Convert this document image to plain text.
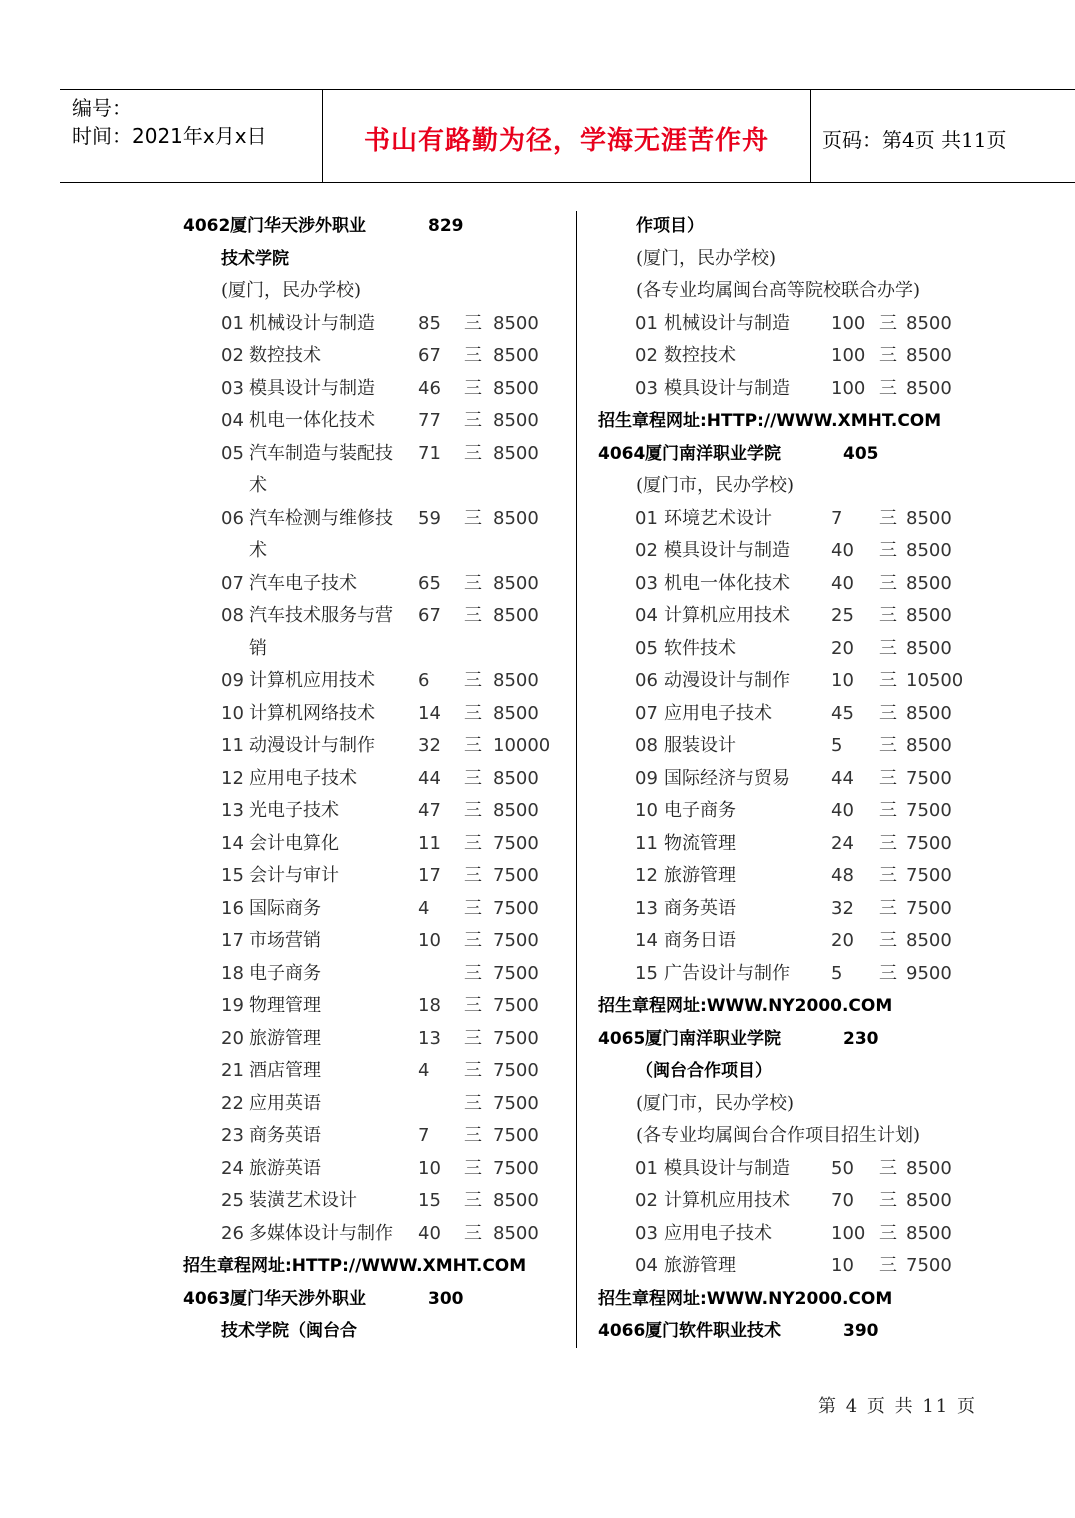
编号：
时间：2021年x月x日	书山有路勤为径，学海无涯苦作舟	页码：第4页 共11页
4062 厦门华天涉外职业	829
技术学院
(厦门，民办学校)
01 机械设计与制造 85 三 8500
02 数控技术	67 三 8500
03 模具设计与制造 46 三 8500
04 机电一体化技术 77 三 8500
05 汽车制造与装配技 71 三 8500
术
06 汽车检测与维修技 59 三 8500
术
07 汽车电子技术	65 三 8500
08 汽车技术服务与营 67 三 8500
销
09 计算机应用技术 6 三 8500
10 计算机网络技术 14 三 8500
11 动漫设计与制作 32 三 10000
12 应用电子技术	44 三 8500
13 光电子技术	47 三 8500
14 会计电算化	11 三 7500
15 会计与审计	17 三 7500
16 国际商务	4 三 7500
17 市场营销	10 三 7500
18 电子商务	三 7500
19 物理管理	18 三 7500
20 旅游管理	13 三 7500
21 酒店管理	4 三 7500
22 应用英语	三 7500
23 商务英语	7 三 7500
24 旅游英语	10 三 7500
25 装潢艺术设计	15 三 8500
26 多媒体设计与制作 40 三 8500
招生章程网址:HTTP://WWW.XMHT.COM
4063 厦门华天涉外职业	300
技术学院（闽台合
作项目）
(厦门，民办学校)
(各专业均属闽台高等院校联合办学)
01 机械设计与制造 100 三 8500
02 数控技术	100 三 8500
03 模具设计与制造 100 三 8500
招生章程网址:HTTP://WWW.XMHT.COM
4064 厦门南洋职业学院	405
(厦门市，民办学校)
01 环境艺术设计	7 三 8500
02 模具设计与制造 40 三 8500
03 机电一体化技术 40 三 8500
04 计算机应用技术 25 三 8500
05 软件技术	20 三 8500
06 动漫设计与制作 10 三 10500
07 应用电子技术	45 三 8500
08 服装设计	5 三 8500
09 国际经济与贸易 44 三 7500
10 电子商务	40 三 7500
11 物流管理	24 三 7500
12 旅游管理	48 三 7500
13 商务英语	32 三 7500
14 商务日语	20 三 8500
15 广告设计与制作 5 三 9500
招生章程网址:WWW.NY2000.COM
4065 厦门南洋职业学院	230
（闽台合作项目）
(厦门市，民办学校)
(各专业均属闽台合作项目招生计划)
01 模具设计与制造 50 三 8500
02 计算机应用技术 70 三 8500
03 应用电子技术	100 三 8500
04 旅游管理	10 三 7500
招生章程网址:WWW.NY2000.COM
4066 厦门软件职业技术	390
第 4 页 共 11 页
